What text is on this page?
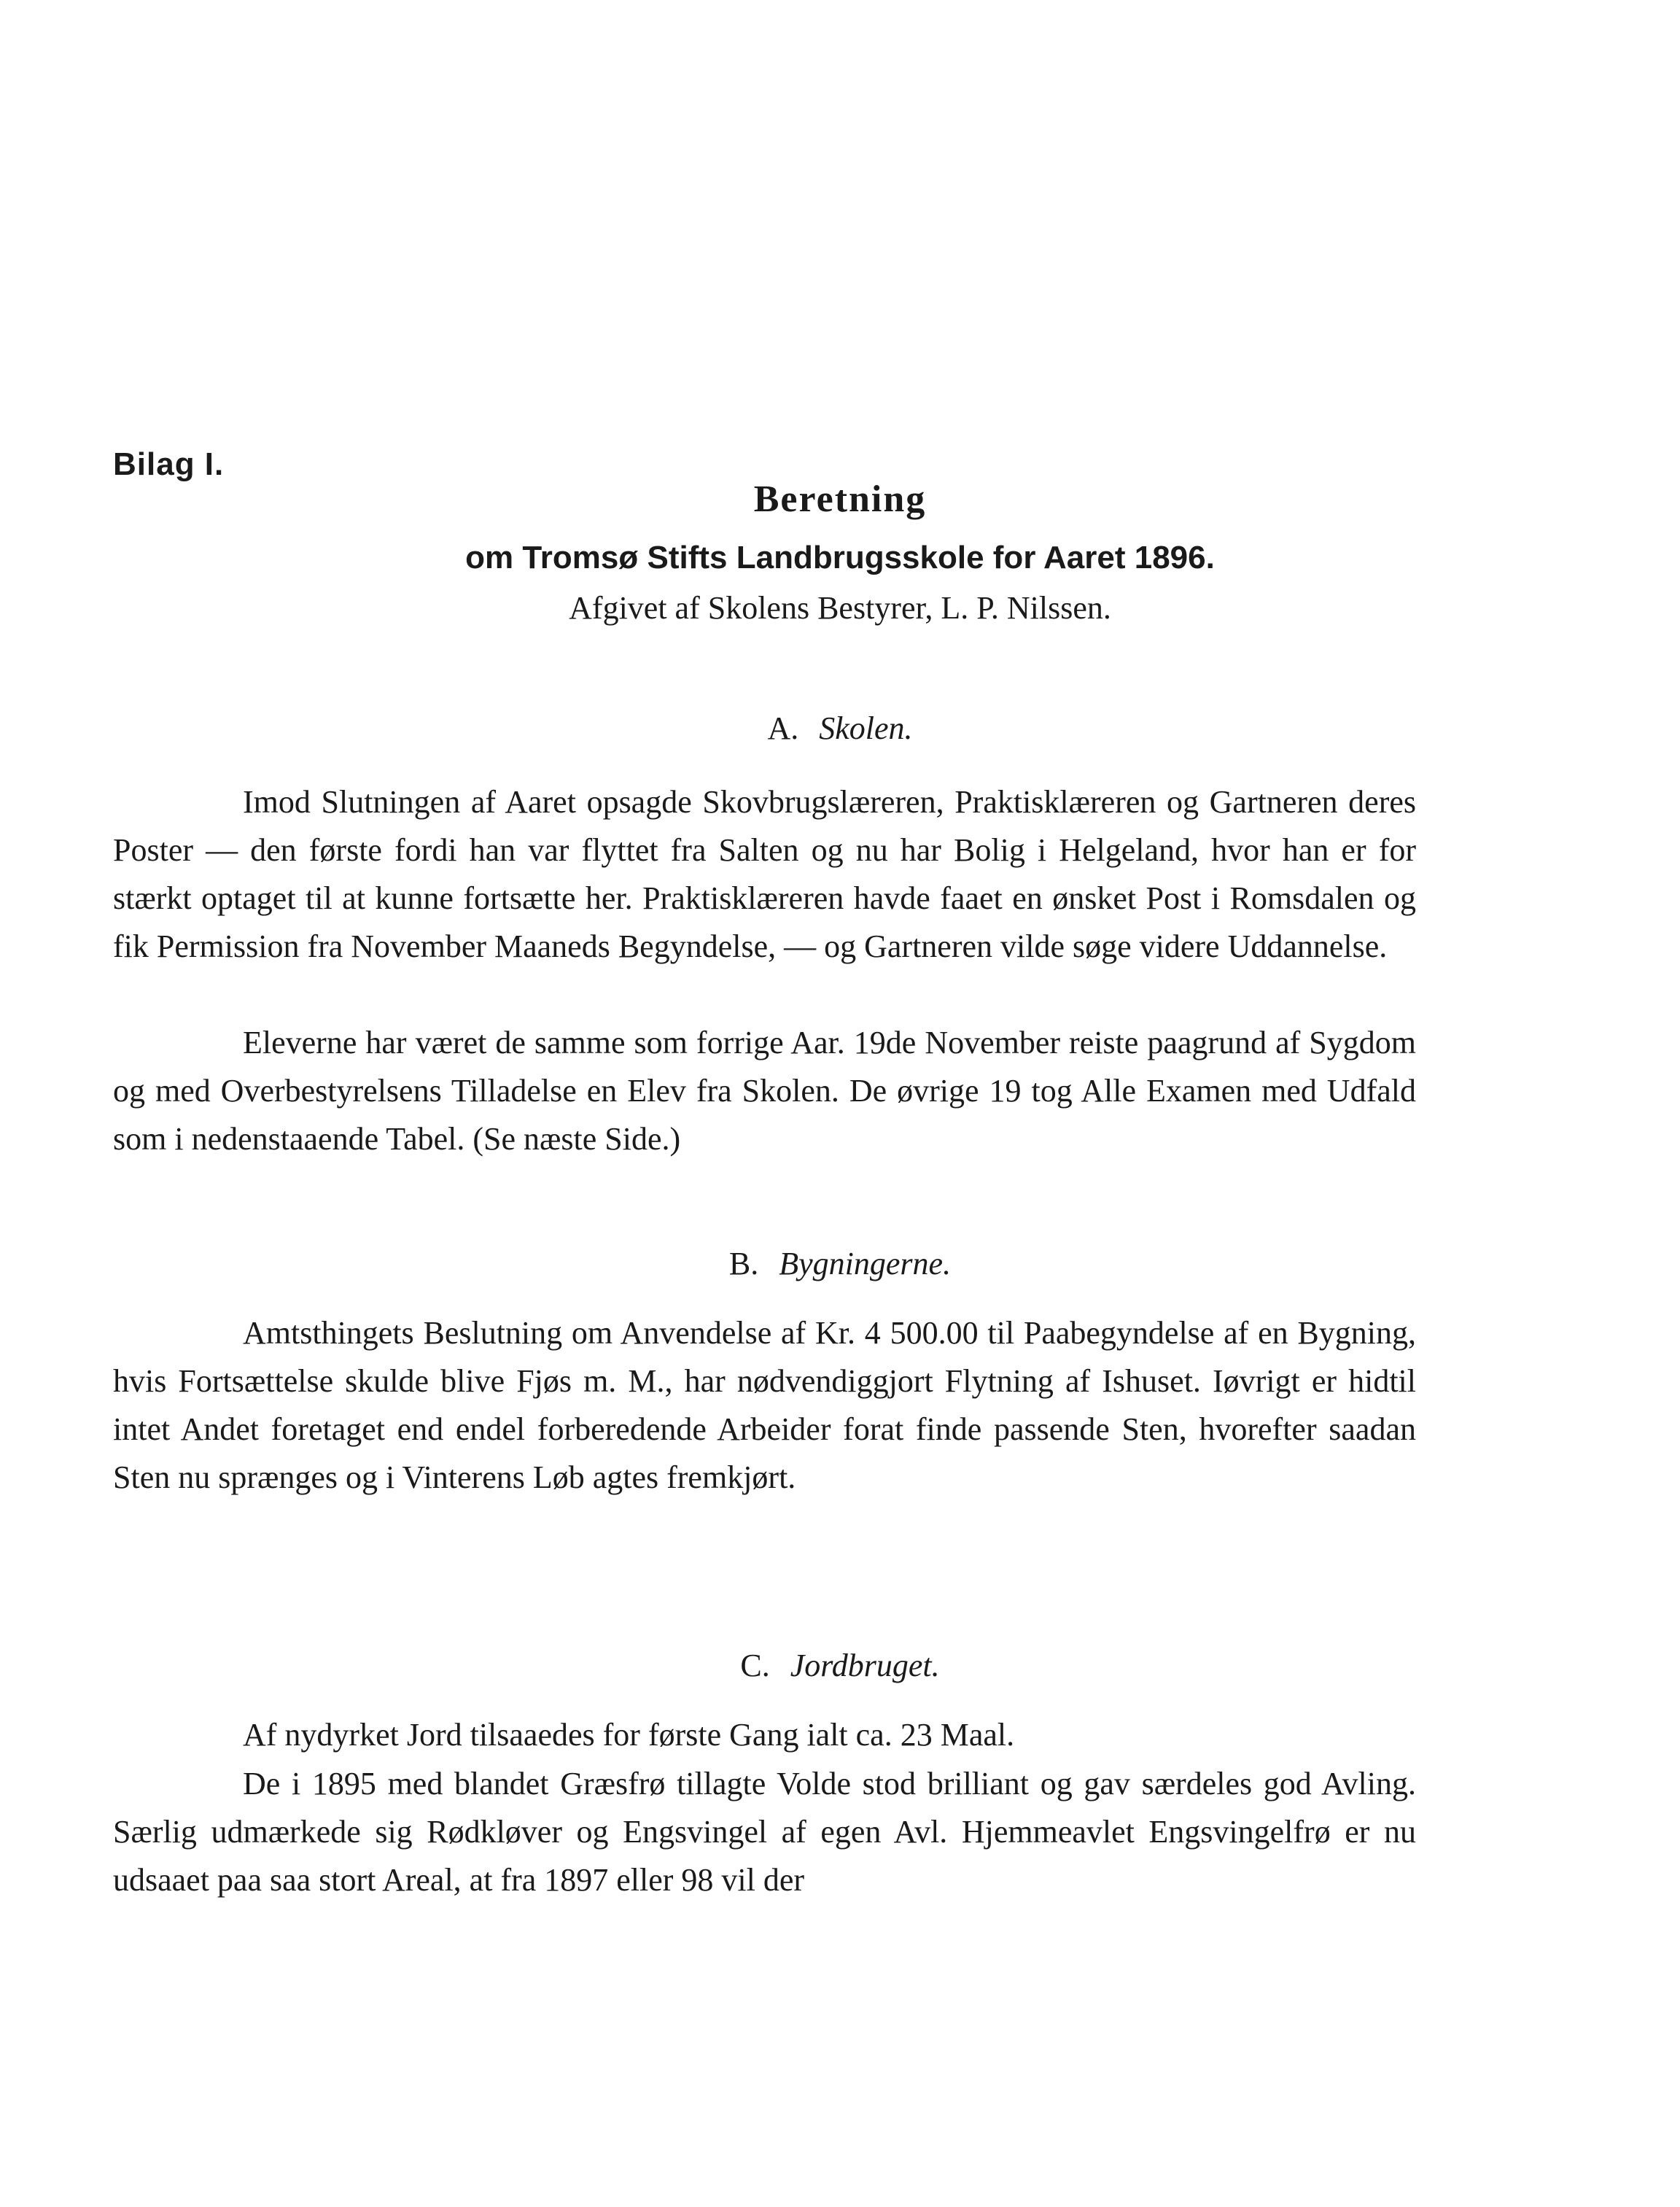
Bilag I.
Beretning
om Tromsø Stifts Landbrugsskole for Aaret 1896.
Afgivet af Skolens Bestyrer, L. P. Nilssen.
A. Skolen.

Imod Slutningen af Aaret opsagde Skovbrugslæreren, Praktisklæreren og Gartneren deres Poster — den første fordi han var flyttet fra Salten og nu har Bolig i Helgeland, hvor han er for stærkt optaget til at kunne fortsætte her. Praktisklæreren havde faaet en ønsket Post i Romsdalen og fik Permission fra November Maaneds Begyndelse, — og Gartneren vilde søge videre Uddannelse.

Eleverne har været de samme som forrige Aar. 19de November reiste paagrund af Sygdom og med Overbestyrelsens Tilladelse en Elev fra Skolen. De øvrige 19 tog Alle Examen med Udfald som i nedenstaaende Tabel. (Se næste Side.)

B. Bygningerne.

Amtsthingets Beslutning om Anvendelse af Kr. 4 500.00 til Paabegyndelse af en Bygning, hvis Fortsættelse skulde blive Fjøs m. M., har nødvendiggjort Flytning af Ishuset. Iøvrigt er hidtil intet Andet foretaget end endel forberedende Arbeider forat finde passende Sten, hvorefter saadan Sten nu sprænges og i Vinterens Løb agtes fremkjørt.

C. Jordbruget.

Af nydyrket Jord tilsaaedes for første Gang ialt ca. 23 Maal.

De i 1895 med blandet Græsfrø tillagte Volde stod brilliant og gav særdeles god Avling. Særlig udmærkede sig Rødkløver og Engsvingel af egen Avl. Hjemmeavlet Engsvingelfrø er nu udsaaet paa saa stort Areal, at fra 1897 eller 98 vil der
